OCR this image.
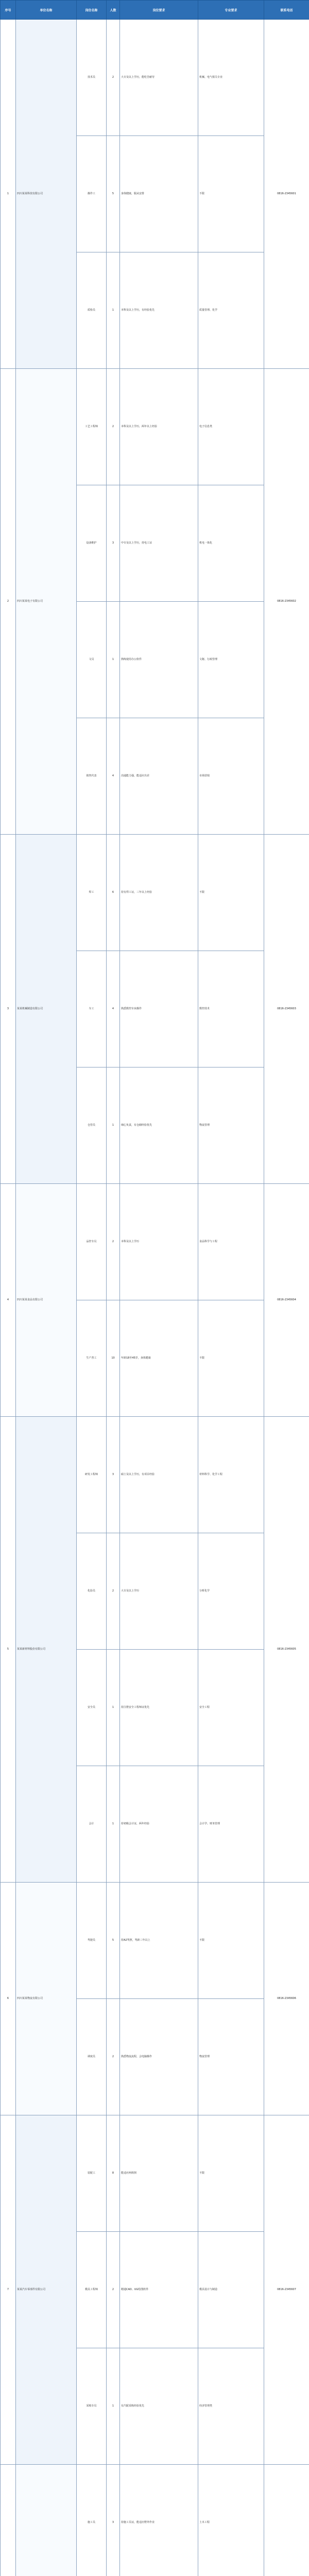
序号	单位名称	岗位名称	人数	岗位要求	专业要求	联系电话
1	四川某某科技有限公司	技术员	2	大专及以上学历，能吃苦耐劳	机械、电气相关专业	0816-2345601
		操作工	5	身体健康，服从安排	不限	
		质检员	1	本科及以上学历，有经验优先	质量管理、化学	
2	四川某某电子有限公司	工艺工程师	2	本科及以上学历，两年以上经验	电子信息类	0816-2345602
		设备维护	3	中专及以上学历，持电工证	机电一体化	
		文员	1	熟练使用办公软件	文秘、行政管理	
		销售代表	4	沟通能力强，能适应出差	市场营销	
3	某某机械制造有限公司	焊工	6	持有焊工证，三年以上经验	不限	0816-2345603
		车工	4	熟悉数控车床操作	数控技术	
		仓管员	1	细心负责，有仓储经验优先	物流管理	
4	四川某某食品有限公司	品控专员	2	本科及以上学历	食品科学与工程	0816-2345604
		生产普工	10	年龄18至45岁，身体健康	不限	
5	某某新材料股份有限公司	研发工程师	3	硕士及以上学历，有项目经验	材料科学、化学工程	0816-2345605
		化验员	2	大专及以上学历	分析化学	
		安全员	1	持注册安全工程师证优先	安全工程	
		会计	1	持初级会计证，两年经验	会计学、财务管理	
6	四川某某物流有限公司	驾驶员	5	持A2驾照，驾龄三年以上	不限	0816-2345606
		调度员	2	熟悉物流流程，会电脑操作	物流管理	
7	某某汽车零部件有限公司	装配工	8	能适应两班倒	不限	0816-2345607
		模具工程师	2	精通CAD、UG绘图软件	模具设计与制造	
		采购专员	1	有汽配采购经验优先	经济管理类	
		施工员	3	持施工员证，能适应野外作业	土木工程	
